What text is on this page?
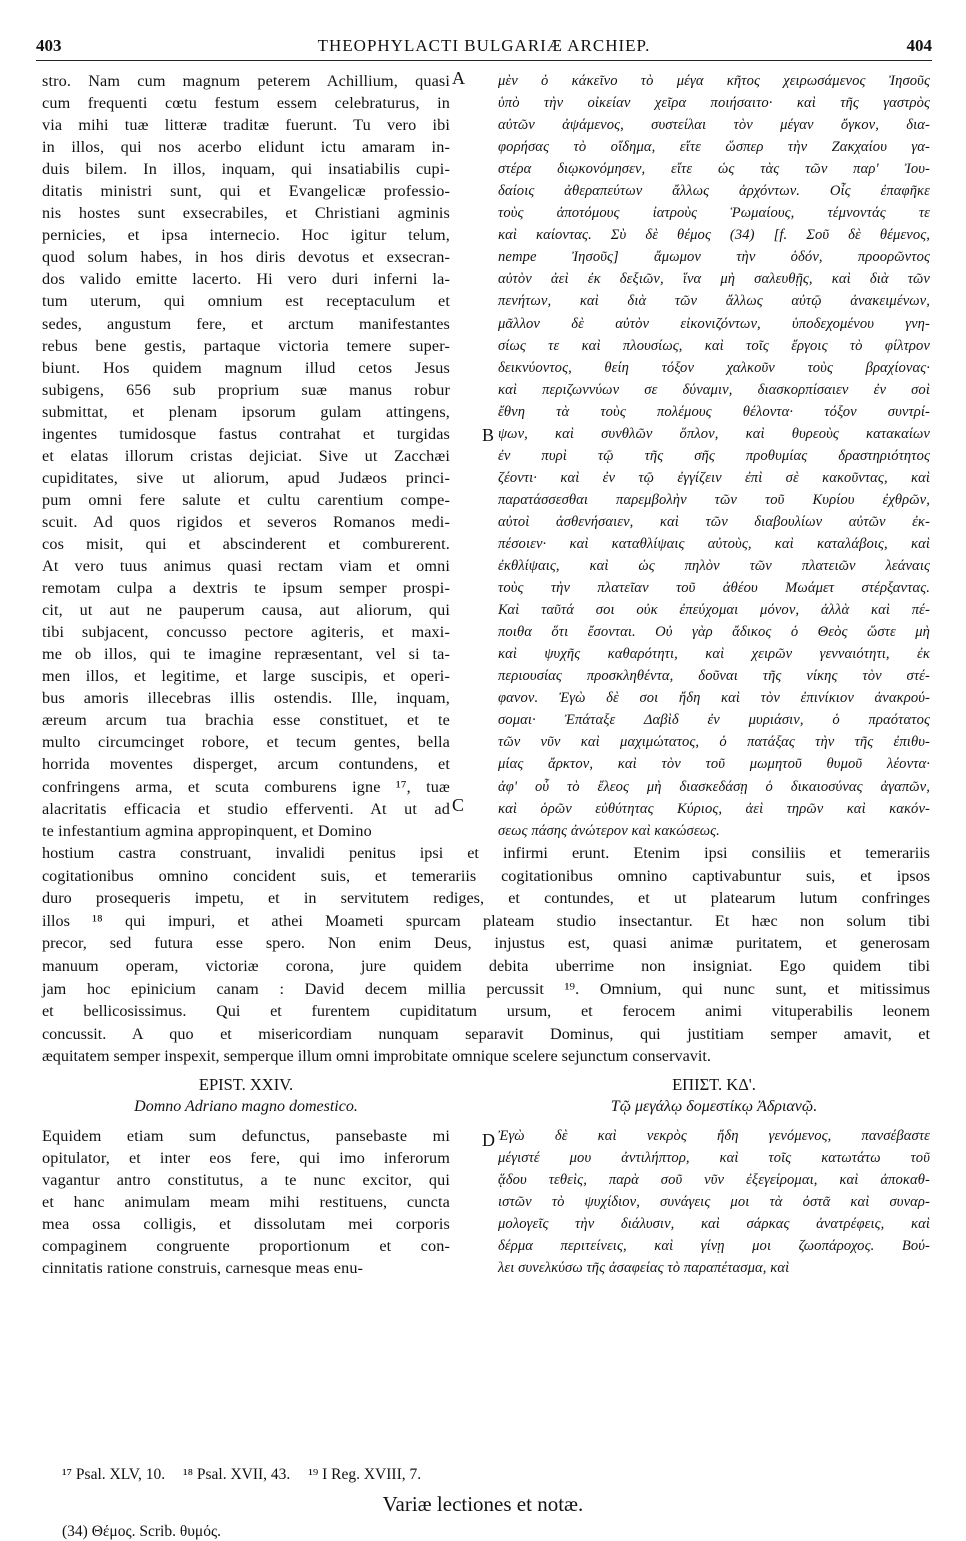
403	THEOPHYLACTI BULGARIÆ ARCHIEP.	404
A
B
C
D
stro. Nam cum magnum peterem Achillium, quasi
cum frequenti cœtu festum essem celebraturus, in
via mihi tuæ litteræ traditæ fuerunt. Tu vero ibi
in illos, qui nos acerbo elidunt ictu amaram in-
duis bilem. In illos, inquam, qui insatiabilis cupi-
ditatis ministri sunt, qui et Evangelicæ professio-
nis hostes sunt exsecrabiles, et Christiani agminis
pernicies, et ipsa internecio. Hoc igitur telum,
quod solum habes, in hos diris devotus et exsecran-
dos valido emitte lacerto. Hi vero duri inferni la-
tum uterum, qui omnium est receptaculum et
sedes, angustum fere, et arctum manifestantes
rebus bene gestis, partaque victoria temere super-
biunt. Hos quidem magnum illud cetos Jesus
subigens, 656 sub proprium suæ manus robur
submittat, et plenam ipsorum gulam attingens,
ingentes tumidosque fastus contrahat et turgidas
et elatas illorum cristas dejiciat. Sive ut Zacchæi
cupiditates, sive ut aliorum, apud Judæos princi-
pum omni fere salute et cultu carentium compe-
scuit. Ad quos rigidos et severos Romanos medi-
cos misit, qui et abscinderent et comburerent.
At vero tuus animus quasi rectam viam et omni
remotam culpa a dextris te ipsum semper prospi-
cit, ut aut ne pauperum causa, aut aliorum, qui
tibi subjacent, concusso pectore agiteris, et maxi-
me ob illos, qui te imagine repræsentant, vel si ta-
men illos, et legitime, et large suscipis, et operi-
bus amoris illecebras illis ostendis. Ille, inquam,
æreum arcum tua brachia esse constituet, et te
multo circumcinget robore, et tecum gentes, bella
horrida moventes disperget, arcum contundens, et
confringens arma, et scuta comburens igne ¹⁷, tuæ
alacritatis efficacia et studio efferventi. At ut ad
te infestantium agmina appropinquent, et Domino
μὲν ὁ κάκεῖνο τὸ μέγα κῆτος χειρωσάμενος Ἰησοῦς
ὑπὸ τὴν οἰκείαν χεῖρα ποιήσαιτο· καὶ τῆς γαστρὸς
αὐτῶν ἀψάμενος, συστείλαι τὸν μέγαν ὄγκον, δια-
φορήσας τὸ οἴδημα, εἴτε ὥσπερ τὴν Ζακχαίου γα-
στέρα διῳκονόμησεν, εἴτε ὡς τὰς τῶν παρ' Ἰου-
δαίοις ἀθεραπεύτων ἄλλως ἀρχόντων. Οἷς ἐπαφῆκε
τοὺς ἀποτόμους ἰατροὺς Ῥωμαίους, τέμνοντάς τε
καὶ καίοντας. Σὺ δὲ θέμος (34) [f. Σοῦ δὲ θέμενος,
nempe Ἰησοῦς] ἄμωμον τὴν ὁδόν, προορῶντος
αὐτὸν ἀεὶ ἐκ δεξιῶν, ἵνα μὴ σαλευθῇς, καὶ διὰ τῶν
πενήτων, καὶ διὰ τῶν ἄλλως αὐτῷ ἀνακειμένων,
μᾶλλον δὲ αὐτὸν εἰκονιζόντων, ὑποδεχομένου γνη-
σίως τε καὶ πλουσίως, καὶ τοῖς ἔργοις τὸ φίλτρον
δεικνύοντος, θείη τόξον χαλκοῦν τοὺς βραχίονας·
καὶ περιζωννύων σε δύναμιν, διασκορπίσαιεν ἐν σοὶ
ἔθνη τὰ τοὺς πολέμους θέλοντα· τόξον συντρί-
ψων, καὶ συνθλῶν ὅπλον, καὶ θυρεοὺς κατακαίων
ἐν πυρὶ τῷ τῆς σῆς προθυμίας δραστηριότητος
ζέοντι· καὶ ἐν τῷ ἐγγίζειν ἐπὶ σὲ κακοῦντας, καὶ
παρατάσσεσθαι παρεμβολὴν τῶν τοῦ Κυρίου ἐχθρῶν,
αὐτοὶ ἀσθενήσαιεν, καὶ τῶν διαβουλίων αὐτῶν ἐκ-
πέσοιεν· καὶ καταθλίψαις αὐτοὺς, καὶ καταλάβοις, καὶ
ἐκθλίψαις, καὶ ὡς πηλὸν τῶν πλατειῶν λεάναις
τοὺς τὴν πλατεῖαν τοῦ ἀθέου Μωάμετ στέρξαντας.
Καὶ ταῦτά σοι οὐκ ἐπεύχομαι μόνον, ἀλλὰ καὶ πέ-
ποιθα ὅτι ἔσονται. Οὐ γὰρ ἄδικος ὁ Θεὸς ὥστε μὴ
καὶ ψυχῆς καθαρότητι, καὶ χειρῶν γενναιότητι, ἐκ
περιουσίας προσκληθέντα, δοῦναι τῆς νίκης τὸν στέ-
φανον. Ἐγὼ δὲ σοι ἤδη καὶ τὸν ἐπινίκιον ἀνακρού-
σομαι· Ἐπάταξε Δαβὶδ ἐν μυριάσιν, ὁ πραότατος
τῶν νῦν καὶ μαχιμώτατος, ὁ πατάξας τὴν τῆς ἐπιθυ-
μίας ἄρκτον, καὶ τὸν τοῦ μωμητοῦ θυμοῦ λέοντα·
ἀφ' οὗ τὸ ἔλεος μὴ διασκεδάσῃ ὁ δικαιοσύνας ἀγαπῶν,
καὶ ὁρῶν εὐθύτητας Κύριος, ἀεὶ τηρῶν καὶ κακόν-
σεως πάσης ἀνώτερον καὶ κακώσεως.
hostium castra construant, invalidi penitus ipsi et infirmi erunt. Etenim ipsi consiliis et temerariis
cogitationibus omnino concident suis, et temerariis cogitationibus omnino captivabuntur suis, et ipsos
duro prosequeris impetu, et in servitutem rediges, et contundes, et ut platearum lutum confringes
illos ¹⁸ qui impuri, et athei Moameti spurcam plateam studio insectantur. Et hæc non solum tibi
precor, sed futura esse spero. Non enim Deus, injustus est, quasi animæ puritatem, et generosam
manuum operam, victoriæ corona, jure quidem debita uberrime non insigniat. Ego quidem tibi
jam hoc epinicium canam : David decem millia percussit ¹⁹. Omnium, qui nunc sunt, et mitissimus
et bellicosissimus. Qui et furentem cupiditatum ursum, et ferocem animi vituperabilis leonem
concussit. A quo et misericordiam nunquam separavit Dominus, qui justitiam semper amavit, et
æquitatem semper inspexit, semperque illum omni improbitate omnique scelere sejunctum conservavit.
EPIST. XXIV.
Domno Adriano magno domestico.
ΕΠΙΣΤ. ΚΔ'.
Τῷ μεγάλῳ δομεστίκῳ Ἀδριανῷ.
Equidem etiam sum defunctus, pansebaste mi
opitulator, et inter eos fere, qui imo inferorum
vagantur antro constitutus, a te nunc excitor, qui
et hanc animulam meam mihi restituens, cuncta
mea ossa colligis, et dissolutam mei corporis
compaginem congruente proportionum et con-
cinnitatis ratione construis, carnesque meas enu-
Ἐγὼ δὲ καὶ νεκρὸς ἤδη γενόμενος, πανσέβαστε
μέγιστέ μου ἀντιλήπτορ, καὶ τοῖς κατωτάτω τοῦ
ᾅδου τεθεὶς, παρὰ σοῦ νῦν ἐξεγείρομαι, καὶ ἀποκαθ-
ιστῶν τὸ ψυχίδιον, συνάγεις μοι τὰ ὀστᾶ καὶ συναρ-
μολογεῖς τὴν διάλυσιν, καὶ σάρκας ἀνατρέφεις, καὶ
δέρμα περιτείνεις, καὶ γίνῃ μοι ζωοπάροχος. Βού-
λει συνελκύσω τῆς ἀσαφείας τὸ παραπέτασμα, καὶ
¹⁷ Psal. XLV, 10. ¹⁸ Psal. XVII, 43. ¹⁹ I Reg. XVIII, 7.
Variæ lectiones et notæ.
(34) Θέμος. Scrib. θυμός.
